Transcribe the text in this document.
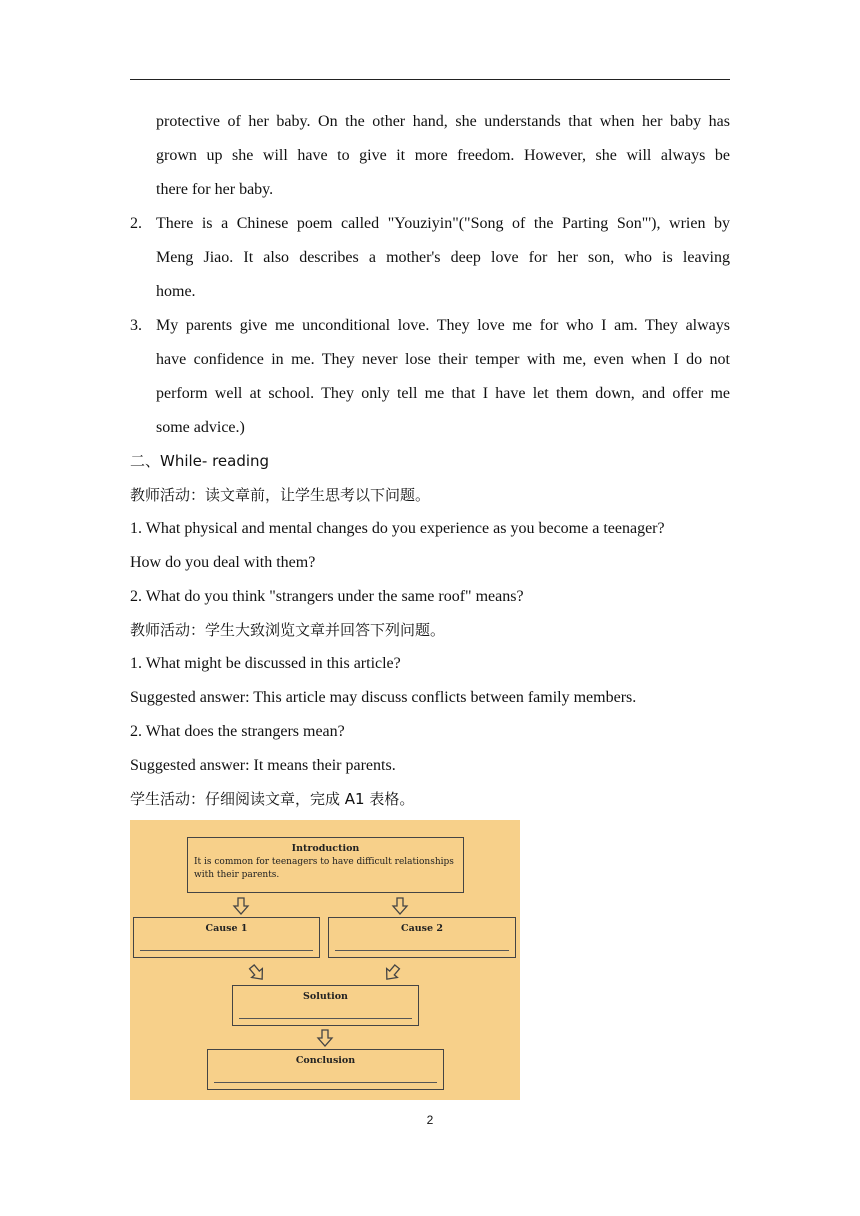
protective of her baby. On the other hand, she understands that when her baby has
grown up she will have to give it more freedom. However, she will always be
there for her baby.
2. There is a Chinese poem called "Youziyin"("Song of the Parting Son"'), wrien by
Meng Jiao. It also describes a mother's deep love for her son, who is leaving
home.
3. My parents give me unconditional love. They love me for who I am. They always
have confidence in me. They never lose their temper with me, even when I do not
perform well at school. They only tell me that I have let them down, and offer me
some advice.)
二、While- reading
教师活动：读文章前，让学生思考以下问题。
1. What physical and mental changes do you experience as you become a teenager?
How do you deal with them?
2. What do you think "strangers under the same roof" means?
教师活动：学生大致浏览文章并回答下列问题。
1. What might be discussed in this article?
Suggested answer: This article may discuss conflicts between family members.
2. What does the strangers mean?
Suggested answer: It means their parents.
学生活动：仔细阅读文章，完成 A1 表格。
Introduction
It is common for teenagers to have difficult relationships with their parents.
Cause 1	Cause 2
Solution
Conclusion
2
